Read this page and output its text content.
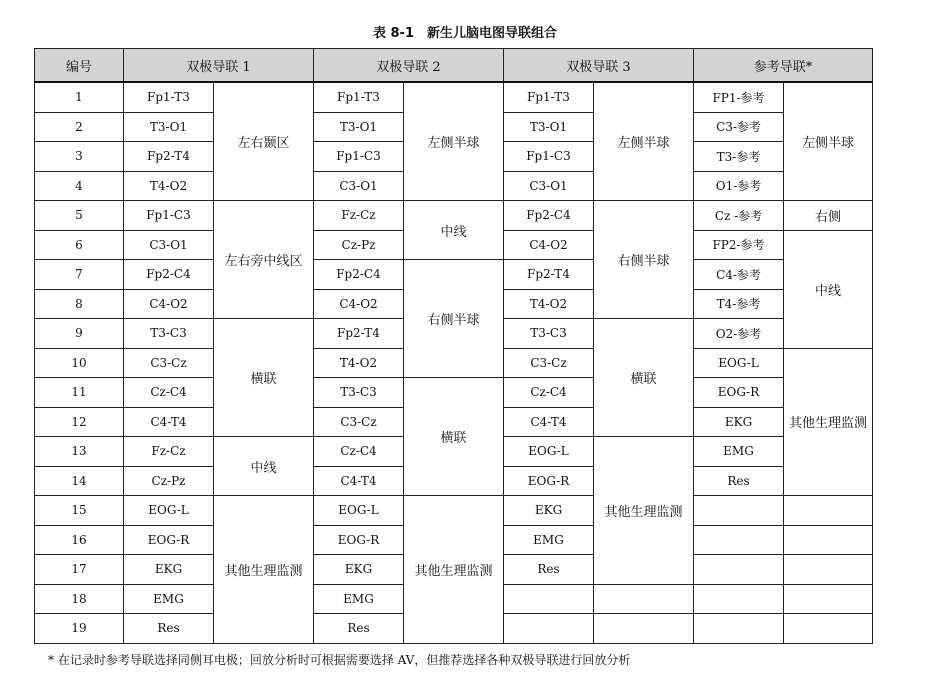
表 8-1　新生儿脑电图导联组合
编号	双极导联 1		双极导联 2		双极导联 3		参考导联*	
1	Fp1-T3	左右颞区	Fp1-T3	左侧半球	Fp1-T3	左侧半球	FP1-参考	左侧半球
2	T3-O1		T3-O1		T3-O1		C3-参考	
3	Fp2-T4		Fp1-C3		Fp1-C3		T3-参考	
4	T4-O2		C3-O1		C3-O1		O1-参考	
5	Fp1-C3	左右旁中线区	Fz-Cz	中线	Fp2-C4	右侧半球	Cz -参考	右侧
6	C3-O1		Cz-Pz		C4-O2		FP2-参考	中线
7	Fp2-C4		Fp2-C4	右侧半球	Fp2-T4		C4-参考	
8	C4-O2		C4-O2		T4-O2		T4-参考	
9	T3-C3	横联	Fp2-T4		T3-C3	横联	O2-参考	
10	C3-Cz		T4-O2		C3-Cz		EOG-L	其他生理监测
11	Cz-C4		T3-C3	横联	Cz-C4		EOG-R	
12	C4-T4		C3-Cz		C4-T4		EKG	
13	Fz-Cz	中线	Cz-C4		EOG-L	其他生理监测	EMG	
14	Cz-Pz		C4-T4		EOG-R		Res	
15	EOG-L	其他生理监测	EOG-L	其他生理监测	EKG			
16	EOG-R		EOG-R		EMG			
17	EKG		EKG		Res			
18	EMG		EMG					
19	Res		Res					
* 在记录时参考导联选择同侧耳电极；回放分析时可根据需要选择 AV，但推荐选择各种双极导联进行回放分析
